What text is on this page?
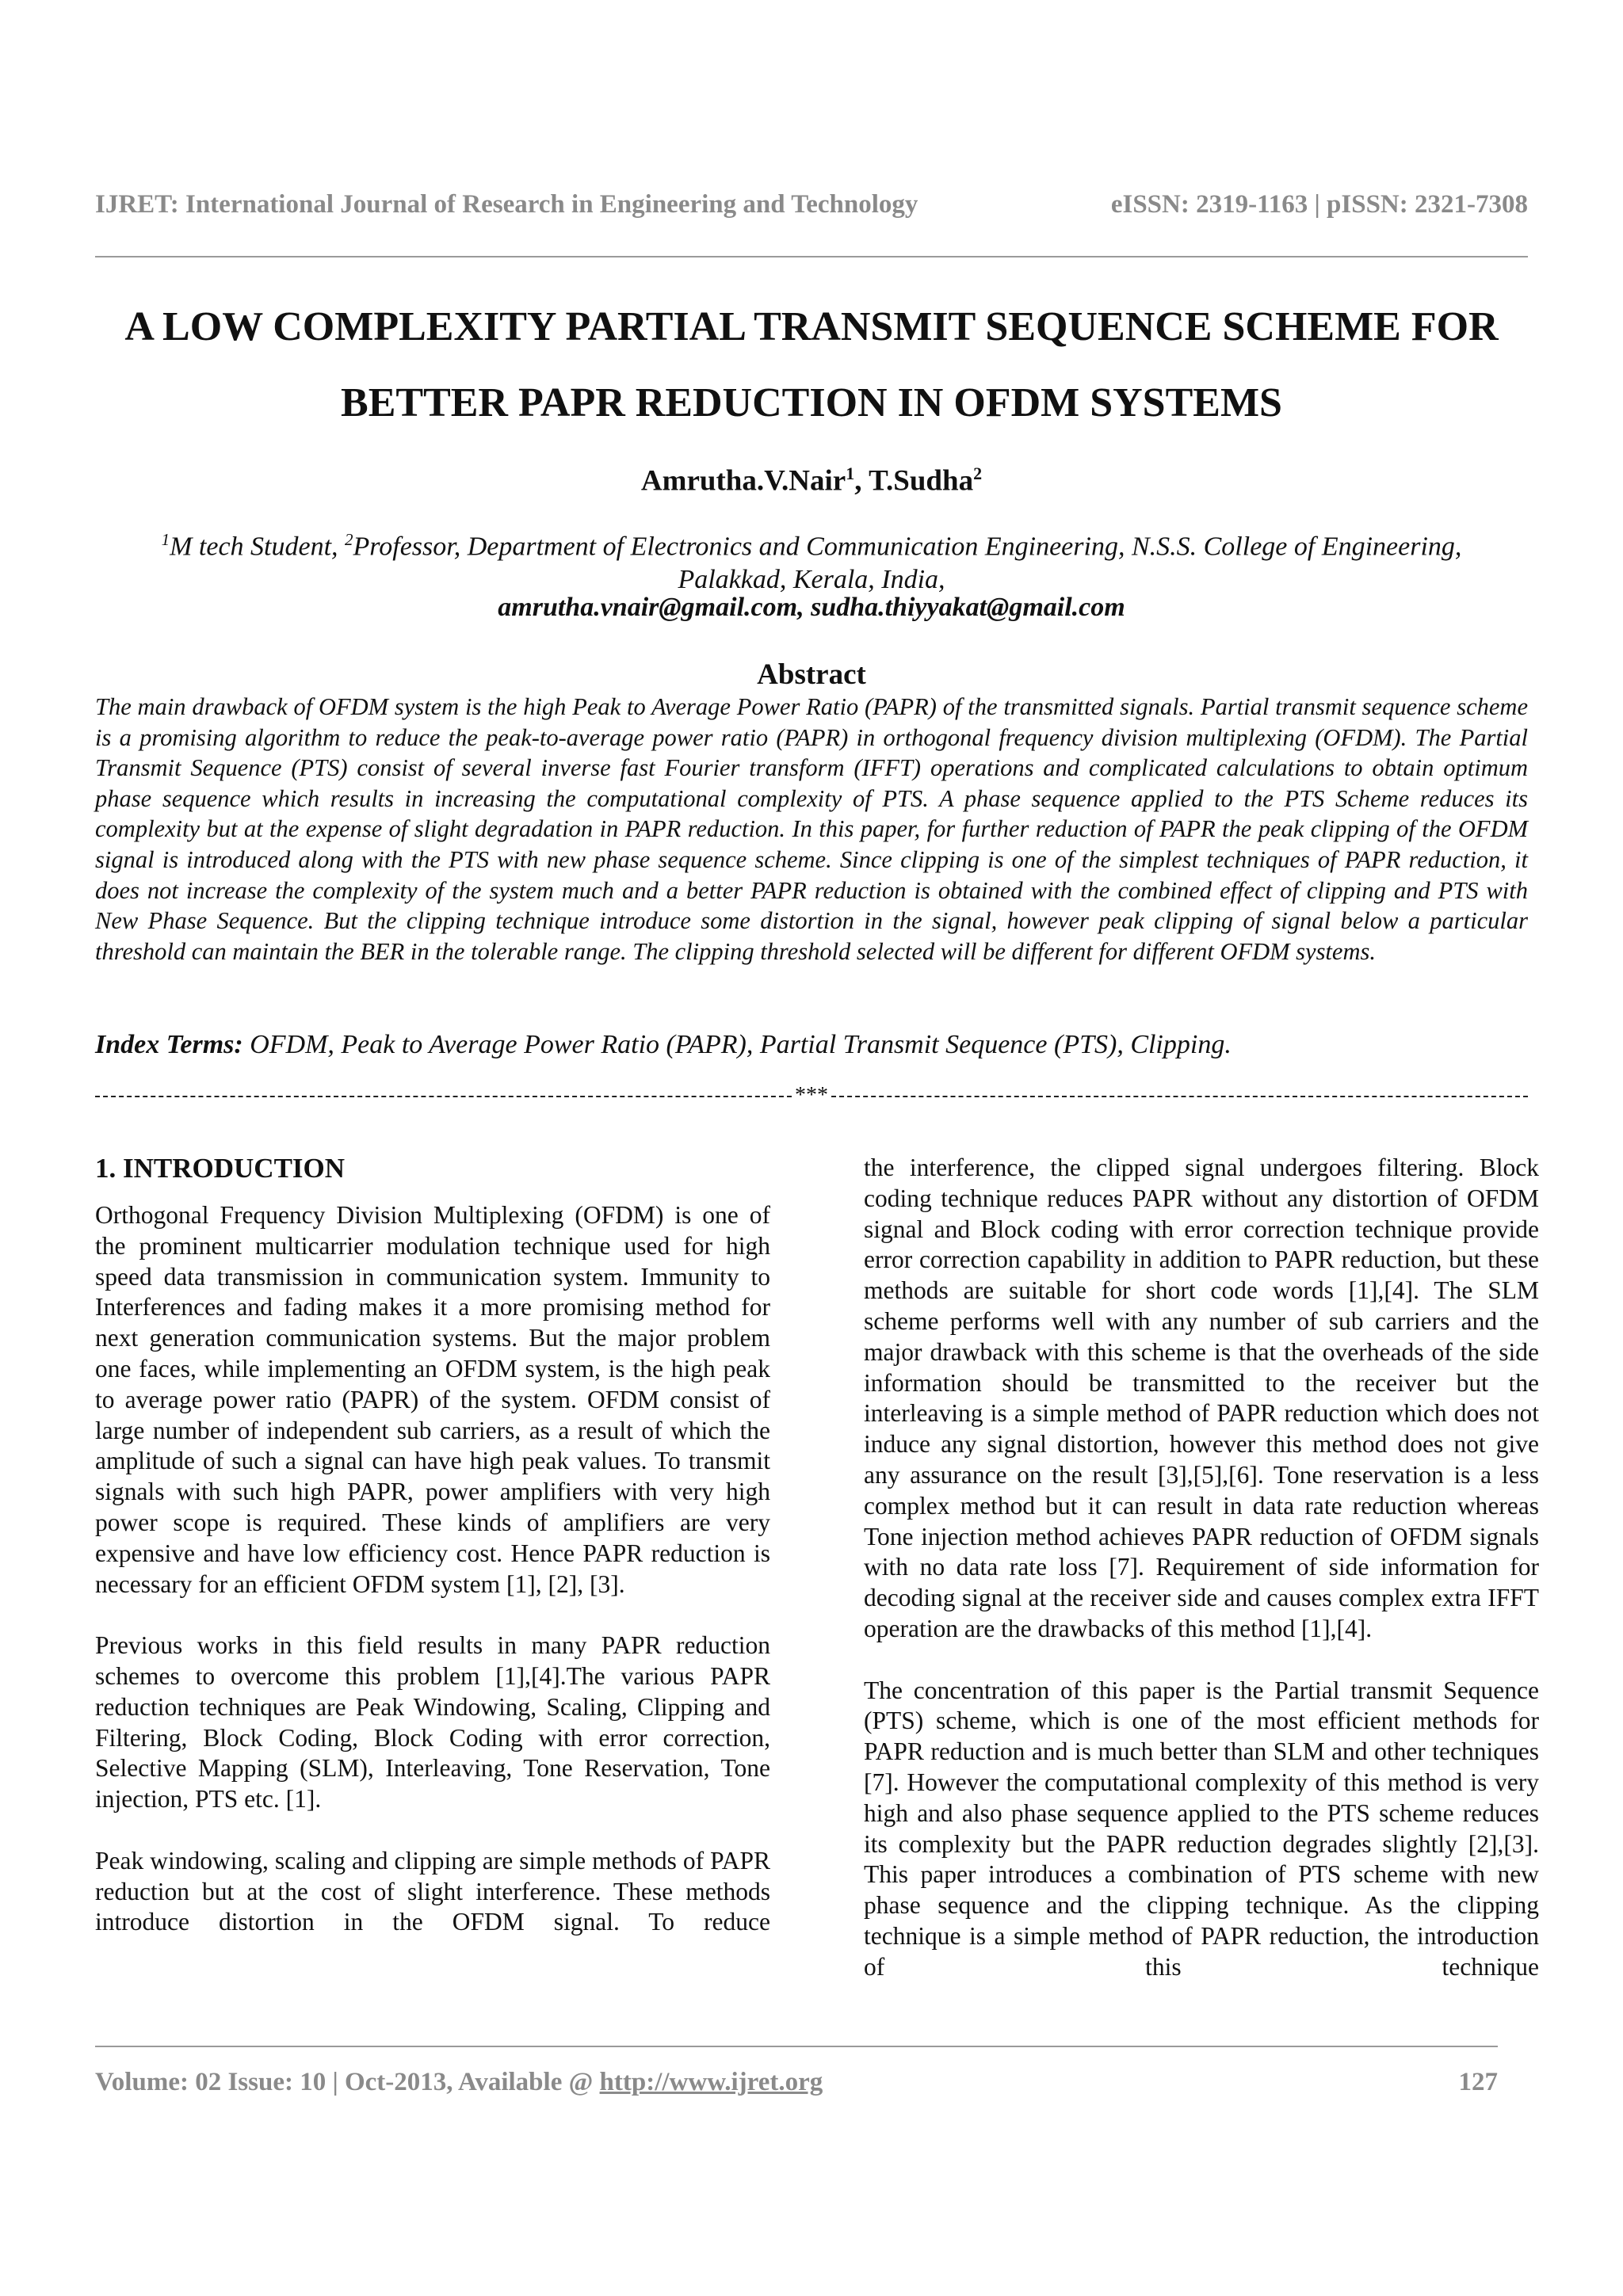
IJRET: International Journal of Research in Engineering and Technology	eISSN: 2319-1163 | pISSN: 2321-7308
A LOW COMPLEXITY PARTIAL TRANSMIT SEQUENCE SCHEME FOR
BETTER PAPR REDUCTION IN OFDM SYSTEMS
Amrutha.V.Nair$^1$, T.Sudha$^2$
$^1$M tech Student, $^2$Professor, Department of Electronics and Communication Engineering, N.S.S. College of Engineering,
Palakkad, Kerala, India,
amrutha.vnair@gmail.com, sudha.thiyyakat@gmail.com
Abstract
The main drawback of OFDM system is the high Peak to Average Power Ratio (PAPR) of the transmitted signals. Partial transmit sequence scheme is a promising algorithm to reduce the peak-to-average power ratio (PAPR) in orthogonal frequency division multiplexing (OFDM). The Partial Transmit Sequence (PTS) consist of several inverse fast Fourier transform (IFFT) operations and complicated calculations to obtain optimum phase sequence which results in increasing the computational complexity of PTS. A phase sequence applied to the PTS Scheme reduces its complexity but at the expense of slight degradation in PAPR reduction. In this paper, for further reduction of PAPR the peak clipping of the OFDM signal is introduced along with the PTS with new phase sequence scheme. Since clipping is one of the simplest techniques of PAPR reduction, it does not increase the complexity of the system much and a better PAPR reduction is obtained with the combined effect of clipping and PTS with New Phase Sequence. But the clipping technique introduce some distortion in the signal, however peak clipping of signal below a particular threshold can maintain the BER in the tolerable range. The clipping threshold selected will be different for different OFDM systems.
Index Terms: OFDM, Peak to Average Power Ratio (PAPR), Partial Transmit Sequence (PTS), Clipping.
***
1. INTRODUCTION

Orthogonal Frequency Division Multiplexing (OFDM) is one of the prominent multicarrier modulation technique used for high speed data transmission in communication system. Immunity to Interferences and fading makes it a more promising method for next generation communication systems. But the major problem one faces, while implementing an OFDM system, is the high peak to average power ratio (PAPR) of the system. OFDM consist of large number of independent sub carriers, as a result of which the amplitude of such a signal can have high peak values. To transmit signals with such high PAPR, power amplifiers with very high power scope is required. These kinds of amplifiers are very expensive and have low efficiency cost. Hence PAPR reduction is necessary for an efficient OFDM system [1], [2], [3].

Previous works in this field results in many PAPR reduction schemes to overcome this problem [1],[4].The various PAPR reduction techniques are Peak Windowing, Scaling, Clipping and Filtering, Block Coding, Block Coding with error correction, Selective Mapping (SLM), Interleaving, Tone Reservation, Tone injection, PTS etc. [1].

Peak windowing, scaling and clipping are simple methods of PAPR reduction but at the cost of slight interference. These methods introduce distortion in the OFDM signal. To reduce

the interference, the clipped signal undergoes filtering. Block coding technique reduces PAPR without any distortion of OFDM signal and Block coding with error correction technique provide error correction capability in addition to PAPR reduction, but these methods are suitable for short code words [1],[4]. The SLM scheme performs well with any number of sub carriers and the major drawback with this scheme is that the overheads of the side information should be transmitted to the receiver but the interleaving is a simple method of PAPR reduction which does not induce any signal distortion, however this method does not give any assurance on the result [3],[5],[6]. Tone reservation is a less complex method but it can result in data rate reduction whereas Tone injection method achieves PAPR reduction of OFDM signals with no data rate loss [7]. Requirement of side information for decoding signal at the receiver side and causes complex extra IFFT operation are the drawbacks of this method [1],[4].

The concentration of this paper is the Partial transmit Sequence (PTS) scheme, which is one of the most efficient methods for PAPR reduction and is much better than SLM and other techniques [7]. However the computational complexity of this method is very high and also phase sequence applied to the PTS scheme reduces its complexity but the PAPR reduction degrades slightly [2],[3]. This paper introduces a combination of PTS scheme with new phase sequence and the clipping technique. As the clipping technique is a simple method of PAPR reduction, the introduction of this technique

Volume: 02 Issue: 10 | Oct-2013, Available @ http://www.ijret.org	127
